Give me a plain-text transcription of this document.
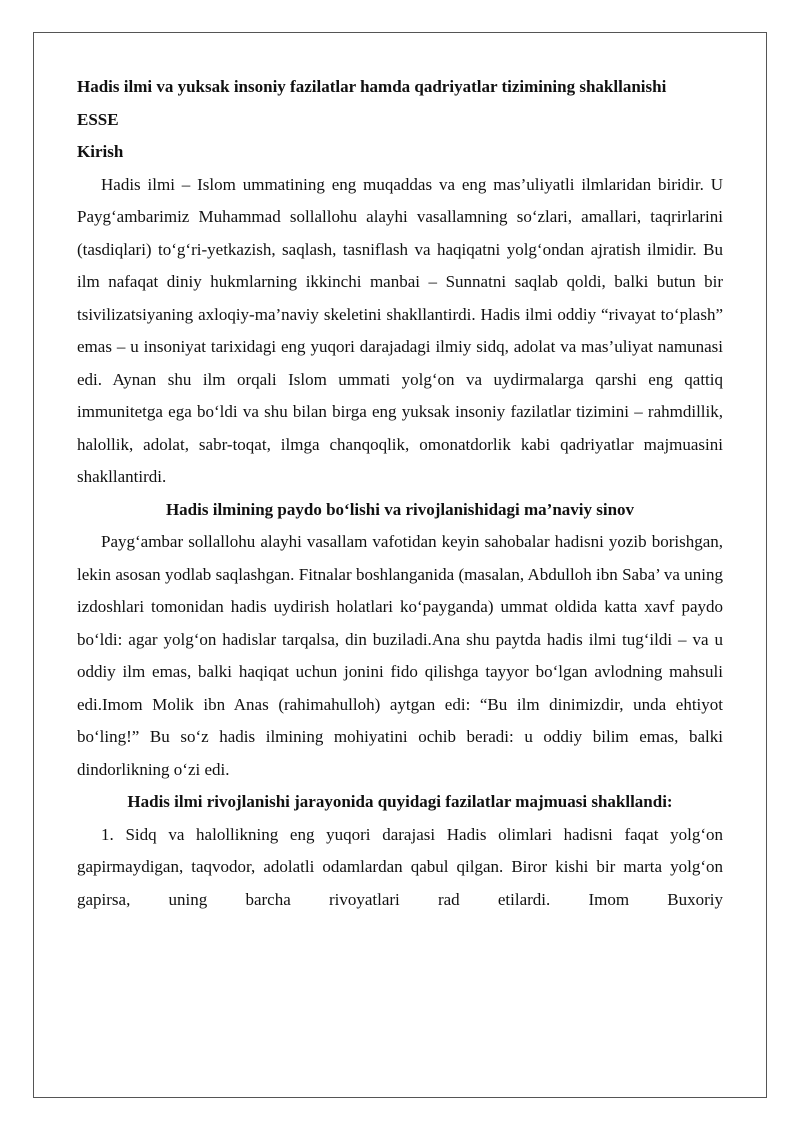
Hadis ilmi va yuksak insoniy fazilatlar hamda qadriyatlar tizimining shakllanishi

ESSE

Kirish

Hadis ilmi – Islom ummatining eng muqaddas va eng mas’uliyatli ilmlaridan biridir. U Payg‘ambarimiz Muhammad sollallohu alayhi vasallamning so‘zlari, amallari, taqrirlarini (tasdiqlari) to‘g‘ri-yetkazish, saqlash, tasniflash va haqiqatni yolg‘ondan ajratish ilmidir. Bu ilm nafaqat diniy hukmlarning ikkinchi manbai – Sunnatni saqlab qoldi, balki butun bir tsivilizatsiyaning axloqiy-ma’naviy skeletini shakllantirdi. Hadis ilmi oddiy “rivayat to‘plash” emas – u insoniyat tarixidagi eng yuqori darajadagi ilmiy sidq, adolat va mas’uliyat namunasi edi. Aynan shu ilm orqali Islom ummati yolg‘on va uydirmalarga qarshi eng qattiq immunitetga ega bo‘ldi va shu bilan birga eng yuksak insoniy fazilatlar tizimini – rahmdillik, halollik, adolat, sabr-toqat, ilmga chanqoqlik, omonatdorlik kabi qadriyatlar majmuasini shakllantirdi.

Hadis ilmining paydo bo‘lishi va rivojlanishidagi ma’naviy sinov

Payg‘ambar sollallohu alayhi vasallam vafotidan keyin sahobalar hadisni yozib borishgan, lekin asosan yodlab saqlashgan. Fitnalar boshlanganida (masalan, Abdulloh ibn Saba’ va uning izdoshlari tomonidan hadis uydirish holatlari ko‘payganda) ummat oldida katta xavf paydo bo‘ldi: agar yolg‘on hadislar tarqalsa, din buziladi.Ana shu paytda hadis ilmi tug‘ildi – va u oddiy ilm emas, balki haqiqat uchun jonini fido qilishga tayyor bo‘lgan avlodning mahsuli edi.Imom Molik ibn Anas (rahimahulloh) aytgan edi: “Bu ilm dinimizdir, unda ehtiyot bo‘ling!” Bu so‘z hadis ilmining mohiyatini ochib beradi: u oddiy bilim emas, balki dindorlikning o‘zi edi.

Hadis ilmi rivojlanishi jarayonida quyidagi fazilatlar majmuasi shakllandi:

1. Sidq va halollikning eng yuqori darajasi Hadis olimlari hadisni faqat yolg‘on gapirmaydigan, taqvodor, adolatli odamlardan qabul qilgan. Biror kishi bir marta yolg‘on gapirsa, uning barcha rivoyatlari rad etilardi. Imom Buxoriy
